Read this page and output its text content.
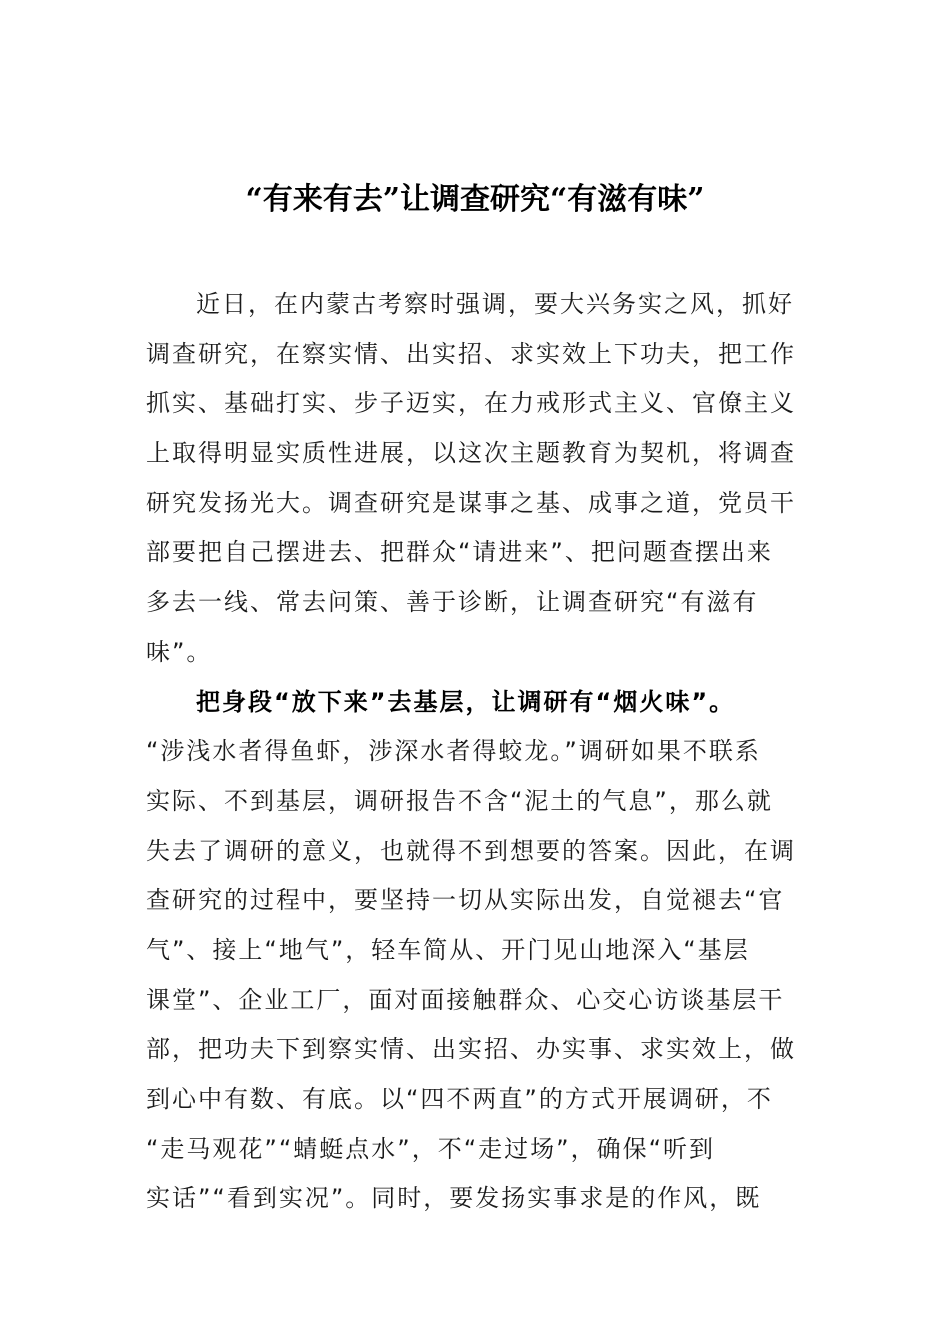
“有来有去”让调查研究“有滋有味”
近日，在内蒙古考察时强调，要大兴务实之风，抓好
调查研究，在察实情、出实招、求实效上下功夫，把工作
抓实、基础打实、步子迈实，在力戒形式主义、官僚主义
上取得明显实质性进展，以这次主题教育为契机，将调查
研究发扬光大。调查研究是谋事之基、成事之道，党员干
部要把自己摆进去、把群众“请进来”、把问题查摆出来
多去一线、常去问策、善于诊断，让调查研究“有滋有
味”。
把身段“放下来”去基层，让调研有“烟火味”。
“涉浅水者得鱼虾，涉深水者得蛟龙。”调研如果不联系
实际、不到基层，调研报告不含“泥土的气息”，那么就
失去了调研的意义，也就得不到想要的答案。因此，在调
查研究的过程中，要坚持一切从实际出发，自觉褪去“官
气”、接上“地气”，轻车简从、开门见山地深入“基层
课堂”、企业工厂，面对面接触群众、心交心访谈基层干
部，把功夫下到察实情、出实招、办实事、求实效上，做
到心中有数、有底。以“四不两直”的方式开展调研，不
“走马观花”“蜻蜓点水”，不“走过场”，确保“听到
实话”“看到实况”。同时，要发扬实事求是的作风，既
